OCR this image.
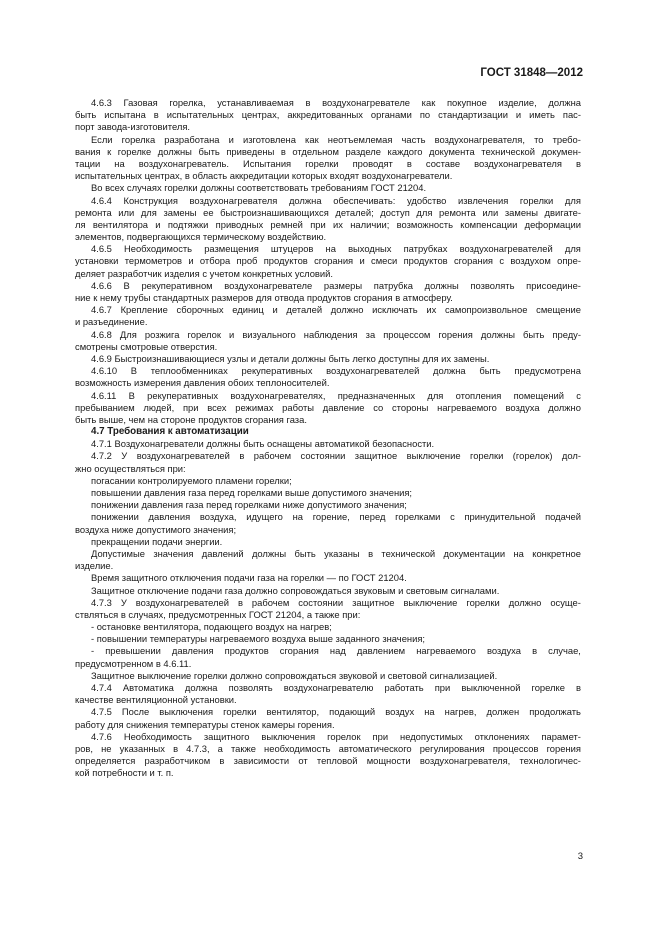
ГОСТ 31848—2012
4.6.3 Газовая горелка, устанавливаемая в воздухонагревателе как покупное изделие, должна
быть испытана в испытательных центрах, аккредитованных органами по стандартизации и иметь пас-
порт завода-изготовителя.
Если горелка разработана и изготовлена как неотъемлемая часть воздухонагревателя, то требо-
вания к горелке должны быть приведены в отдельном разделе каждого документа технической докумен-
тации на воздухонагреватель. Испытания горелки проводят в составе воздухонагревателя в
испытательных центрах, в область аккредитации которых входят воздухонагреватели.
Во всех случаях горелки должны соответствовать требованиям ГОСТ 21204.
4.6.4 Конструкция воздухонагревателя должна обеспечивать: удобство извлечения горелки для
ремонта или для замены ее быстроизнашивающихся деталей; доступ для ремонта или замены двигате-
ля вентилятора и подтяжки приводных ремней при их наличии; возможность компенсации деформации
элементов, подвергающихся термическому воздействию.
4.6.5 Необходимость размещения штуцеров на выходных патрубках воздухонагревателей для
установки термометров и отбора проб продуктов сгорания и смеси продуктов сгорания с воздухом опре-
деляет разработчик изделия с учетом конкретных условий.
4.6.6 В рекуперативном воздухонагревателе размеры патрубка должны позволять присоедине-
ние к нему трубы стандартных размеров для отвода продуктов сгорания в атмосферу.
4.6.7 Крепление сборочных единиц и деталей должно исключать их самопроизвольное смещение
и разъединение.
4.6.8 Для розжига горелок и визуального наблюдения за процессом горения должны быть преду-
смотрены смотровые отверстия.
4.6.9 Быстроизнашивающиеся узлы и детали должны быть легко доступны для их замены.
4.6.10 В теплообменниках рекуперативных воздухонагревателей должна быть предусмотрена
возможность измерения давления обоих теплоносителей.
4.6.11 В рекуперативных воздухонагревателях, предназначенных для отопления помещений с
пребыванием людей, при всех режимах работы давление со стороны нагреваемого воздуха должно
быть выше, чем на стороне продуктов сгорания газа.
4.7 Требования к автоматизации
4.7.1 Воздухонагреватели должны быть оснащены автоматикой безопасности.
4.7.2 У воздухонагревателей в рабочем состоянии защитное выключение горелки (горелок) дол-
жно осуществляться при:
погасании контролируемого пламени горелки;
повышении давления газа перед горелками выше допустимого значения;
понижении давления газа перед горелками ниже допустимого значения;
понижении давления воздуха, идущего на горение, перед горелками с принудительной подачей
воздуха ниже допустимого значения;
прекращении подачи энергии.
Допустимые значения давлений должны быть указаны в технической документации на конкретное
изделие.
Время защитного отключения подачи газа на горелки — по ГОСТ 21204.
Защитное отключение подачи газа должно сопровождаться звуковым и световым сигналами.
4.7.3 У воздухонагревателей в рабочем состоянии защитное выключение горелки должно осуще-
ствляться в случаях, предусмотренных ГОСТ 21204, а также при:
- остановке вентилятора, подающего воздух на нагрев;
- повышении температуры нагреваемого воздуха выше заданного значения;
- превышении давления продуктов сгорания над давлением нагреваемого воздуха в случае,
предусмотренном в 4.6.11.
Защитное выключение горелки должно сопровождаться звуковой и световой сигнализацией.
4.7.4 Автоматика должна позволять воздухонагревателю работать при выключенной горелке в
качестве вентиляционной установки.
4.7.5 После выключения горелки вентилятор, подающий воздух на нагрев, должен продолжать
работу для снижения температуры стенок камеры горения.
4.7.6 Необходимость защитного выключения горелок при недопустимых отклонениях парамет-
ров, не указанных в 4.7.3, а также необходимость автоматического регулирования процессов горения
определяется разработчиком в зависимости от тепловой мощности воздухонагревателя, технологичес-
кой потребности и т. п.
3
